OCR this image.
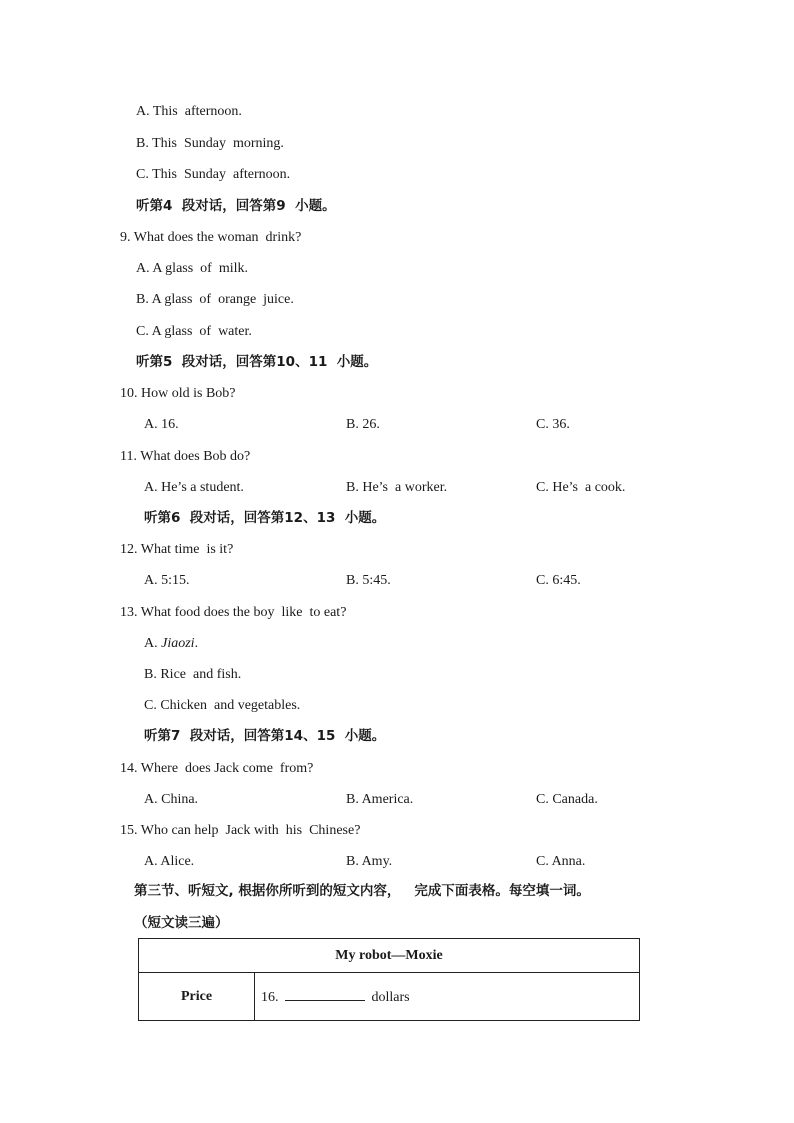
A. This  afternoon.
B. This  Sunday  morning.
C. This  Sunday  afternoon.
听第4  段对话，回答第9  小题。
9. What does the woman  drink?
A. A glass  of  milk.
B. A glass  of  orange  juice.
C. A glass  of  water.
听第5  段对话，回答第10、11  小题。
10. How old is Bob?
A. 16.	B. 26.	C. 36.
11. What does Bob do?
A. He’s a student.	B. He’s  a worker.	C. He’s  a cook.
听第6  段对话，回答第12、13  小题。
12. What time  is it?
A. 5:15.	B. 5:45.	C. 6:45.
13. What food does the boy  like  to eat?
A. Jiaozi.
B. Rice  and fish.
C. Chicken  and vegetables.
听第7  段对话，回答第14、15  小题。
14. Where  does Jack come  from?
A. China.	B. America.	C. Canada.
15. Who can help  Jack with  his  Chinese?
A. Alice.	B. Amy.	C. Anna.
第三节、听短文, 根据你所听到的短文内容，   完成下面表格。每空填一词。
（短文读三遍）
My robot—Moxie
Price	16.	dollars
